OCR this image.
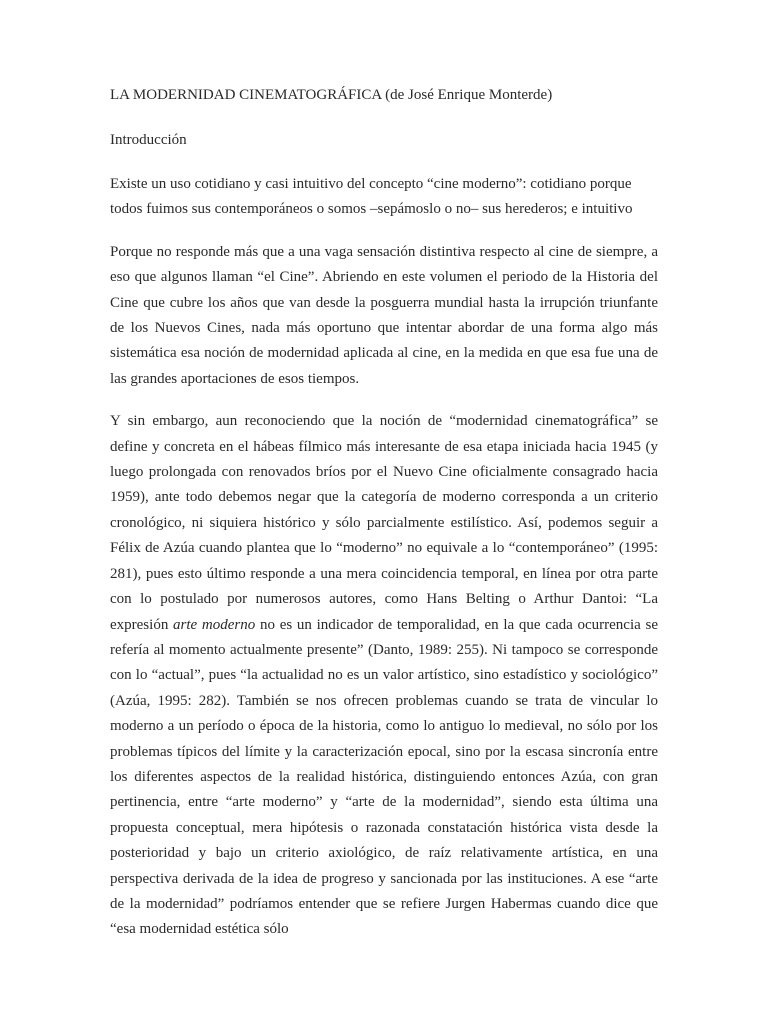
LA MODERNIDAD CINEMATOGRÁFICA (de José Enrique Monterde)
Introducción

Existe un uso cotidiano y casi intuitivo del concepto “cine moderno”: cotidiano porque todos fuimos sus contemporáneos o somos –sepámoslo o no– sus herederos; e intuitivo

Porque no responde más que a una vaga sensación distintiva respecto al cine de siempre, a eso que algunos llaman “el Cine”. Abriendo en este volumen el periodo de la Historia del Cine que cubre los años que van desde la posguerra mundial hasta la irrupción triunfante de los Nuevos Cines, nada más oportuno que intentar abordar de una forma algo más sistemática esa noción de modernidad aplicada al cine, en la medida en que esa fue una de las grandes aportaciones de esos tiempos.

Y sin embargo, aun reconociendo que la noción de “modernidad cinematográfica” se define y concreta en el hábeas fílmico más interesante de esa etapa iniciada hacia 1945 (y luego prolongada con renovados bríos por el Nuevo Cine oficialmente consagrado hacia 1959), ante todo debemos negar que la categoría de moderno corresponda a un criterio cronológico, ni siquiera histórico y sólo parcialmente estilístico. Así, podemos seguir a Félix de Azúa cuando plantea que lo “moderno” no equivale a lo “contemporáneo” (1995: 281), pues esto último responde a una mera coincidencia temporal, en línea por otra parte con lo postulado por numerosos autores, como Hans Belting o Arthur Dantoi: “La expresión arte moderno no es un indicador de temporalidad, en la que cada ocurrencia se refería al momento actualmente presente” (Danto, 1989: 255). Ni tampoco se corresponde con lo “actual”, pues “la actualidad no es un valor artístico, sino estadístico y sociológico” (Azúa, 1995: 282). También se nos ofrecen problemas cuando se trata de vincular lo moderno a un período o época de la historia, como lo antiguo lo medieval, no sólo por los problemas típicos del límite y la caracterización epocal, sino por la escasa sincronía entre los diferentes aspectos de la realidad histórica, distinguiendo entonces Azúa, con gran pertinencia, entre “arte moderno” y “arte de la modernidad”, siendo esta última una propuesta conceptual, mera hipótesis o razonada constatación histórica vista desde la posterioridad y bajo un criterio axiológico, de raíz relativamente artística, en una perspectiva derivada de la idea de progreso y sancionada por las instituciones. A ese “arte de la modernidad” podríamos entender que se refiere Jurgen Habermas cuando dice que “esa modernidad estética sólo
